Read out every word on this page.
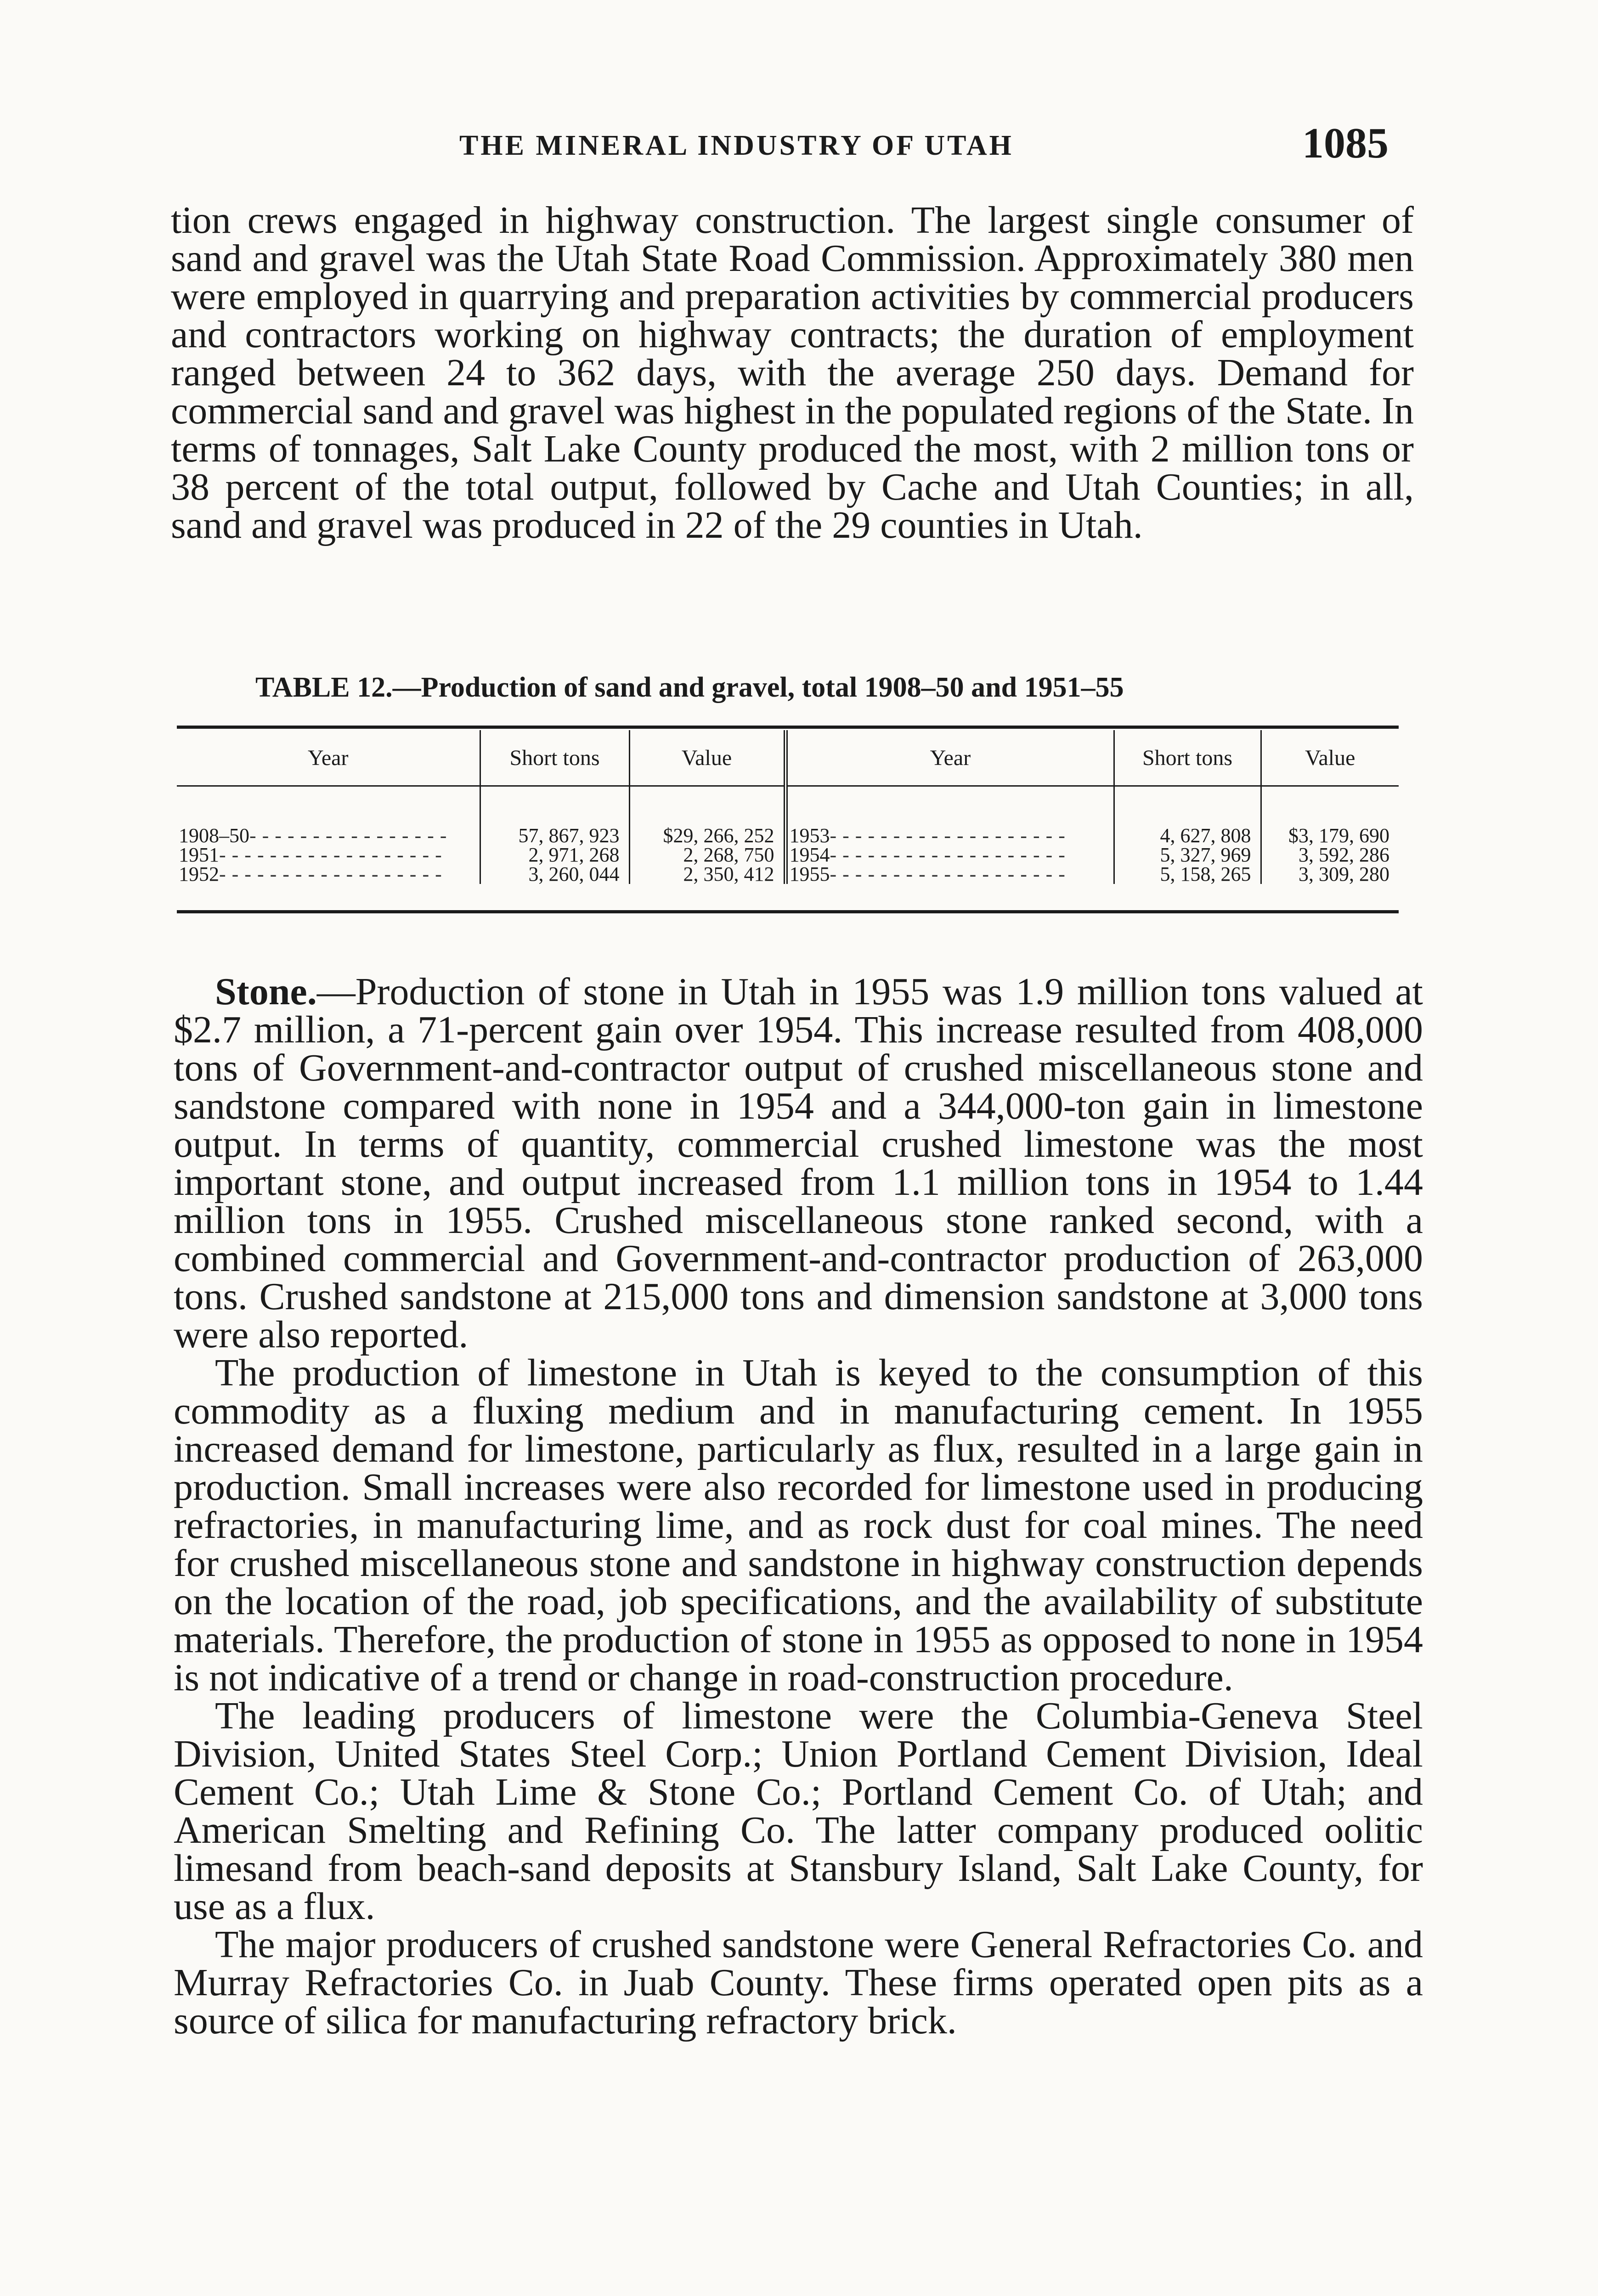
THE MINERAL INDUSTRY OF UTAH	1085

tion crews engaged in highway construction. The largest single consumer of sand and gravel was the Utah State Road Commission. Approximately 380 men were employed in quarrying and preparation activities by commercial producers and contractors working on highway contracts; the duration of employment ranged between 24 to 362 days, with the average 250 days. Demand for commercial sand and gravel was highest in the populated regions of the State. In terms of tonnages, Salt Lake County produced the most, with 2 million tons or 38 percent of the total output, followed by Cache and Utah Counties; in all, sand and gravel was produced in 22 of the 29 counties in Utah.

TABLE 12.—Production of sand and gravel, total 1908–50 and 1951–55
Year	Short tons	Value	Year	Short tons	Value
1908–50- - - - - - - - - - - - - - - -	57, 867, 923	$29, 266, 252	1953- - - - - - - - - - - - - - - - - - -	4, 627, 808	$3, 179, 690
1951- - - - - - - - - - - - - - - - - -	2, 971, 268	2, 268, 750	1954- - - - - - - - - - - - - - - - - - -	5, 327, 969	3, 592, 286
1952- - - - - - - - - - - - - - - - - -	3, 260, 044	2, 350, 412	1955- - - - - - - - - - - - - - - - - - -	5, 158, 265	3, 309, 280

Stone.—Production of stone in Utah in 1955 was 1.9 million tons valued at $2.7 million, a 71-percent gain over 1954. This increase resulted from 408,000 tons of Government-and-contractor output of crushed miscellaneous stone and sandstone compared with none in 1954 and a 344,000-ton gain in limestone output. In terms of quantity, commercial crushed limestone was the most important stone, and output increased from 1.1 million tons in 1954 to 1.44 million tons in 1955. Crushed miscellaneous stone ranked second, with a combined commercial and Government-and-contractor production of 263,000 tons. Crushed sandstone at 215,000 tons and dimension sandstone at 3,000 tons were also reported.

The production of limestone in Utah is keyed to the consumption of this commodity as a fluxing medium and in manufacturing cement. In 1955 increased demand for limestone, particularly as flux, resulted in a large gain in production. Small increases were also recorded for limestone used in producing refractories, in manufacturing lime, and as rock dust for coal mines. The need for crushed miscellaneous stone and sandstone in highway construction depends on the location of the road, job specifications, and the availability of substitute materials. Therefore, the production of stone in 1955 as opposed to none in 1954 is not indicative of a trend or change in road-construction procedure.

The leading producers of limestone were the Columbia-Geneva Steel Division, United States Steel Corp.; Union Portland Cement Division, Ideal Cement Co.; Utah Lime & Stone Co.; Portland Cement Co. of Utah; and American Smelting and Refining Co. The latter company produced oolitic limesand from beach-sand deposits at Stansbury Island, Salt Lake County, for use as a flux.

The major producers of crushed sandstone were General Refractories Co. and Murray Refractories Co. in Juab County. These firms operated open pits as a source of silica for manufacturing refractory brick.
